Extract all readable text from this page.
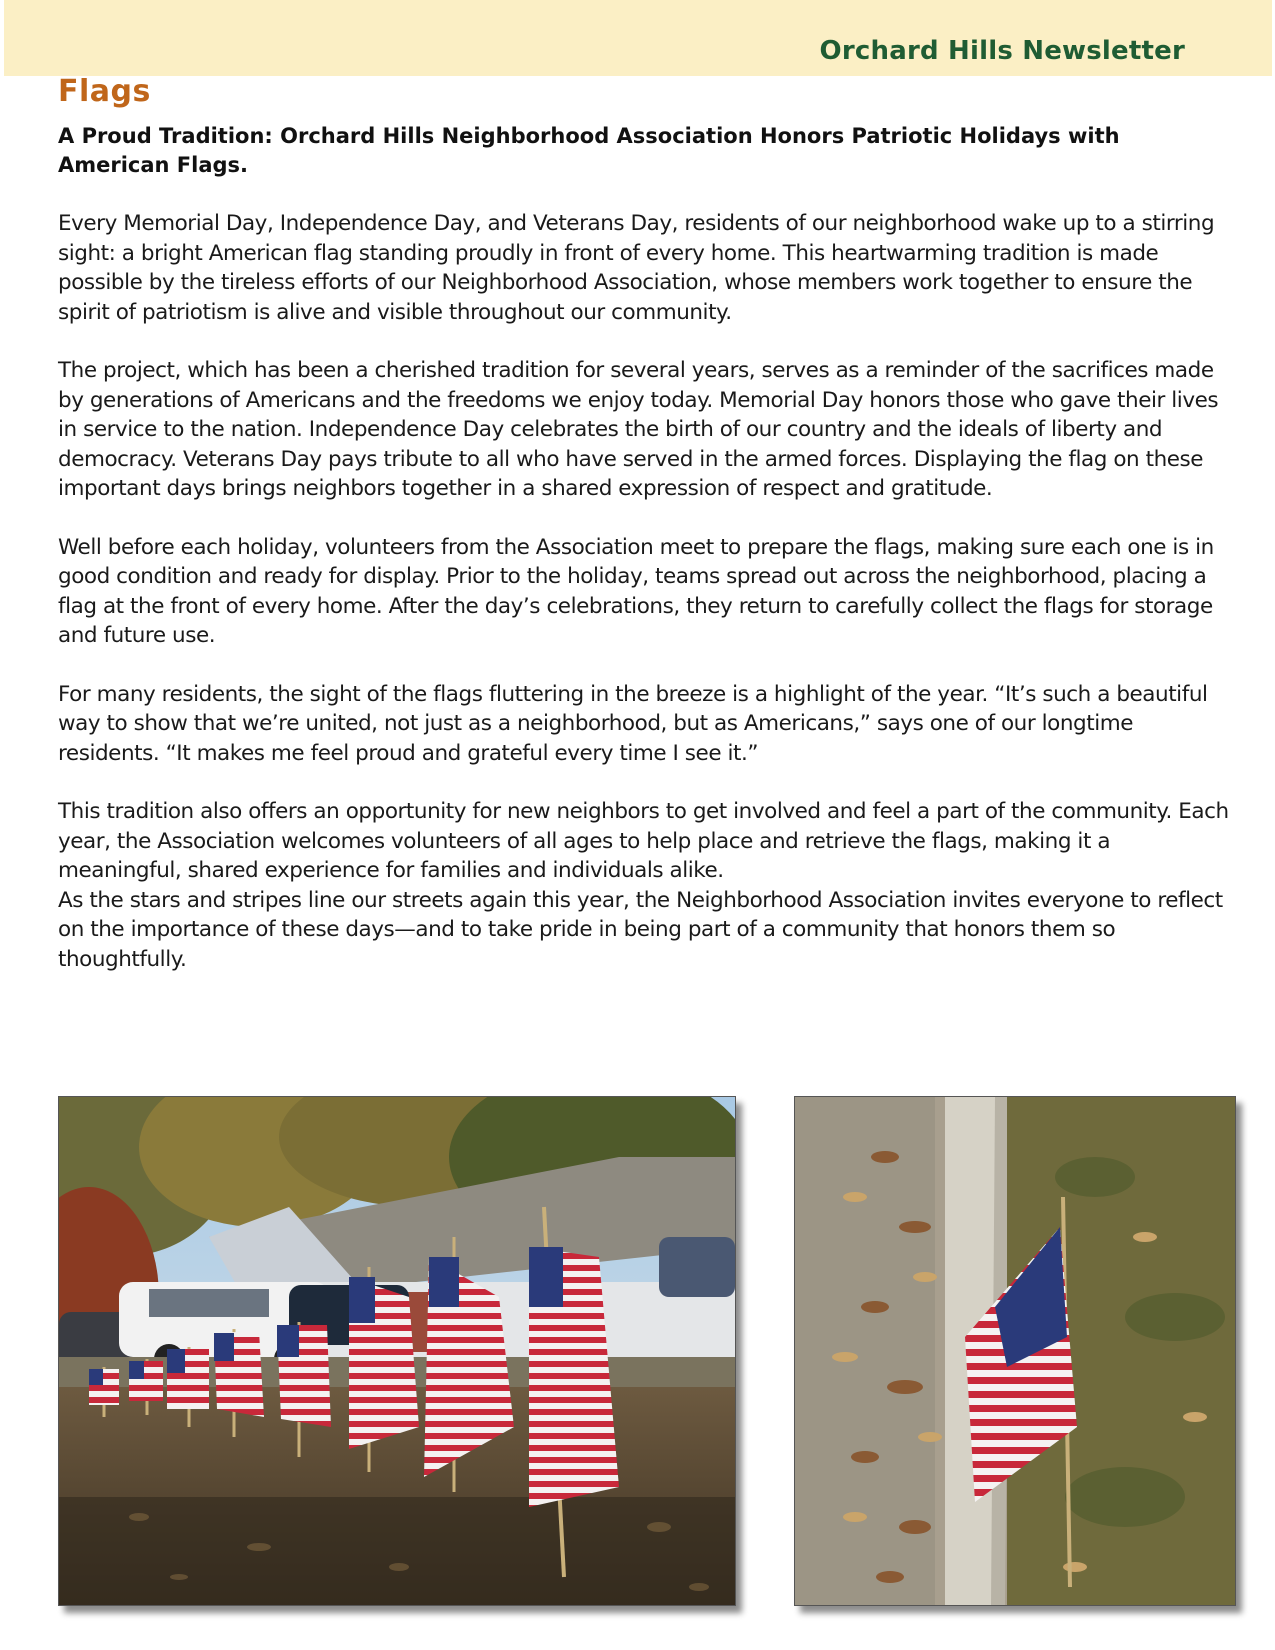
Orchard Hills Newsletter
Flags

A Proud Tradition: Orchard Hills Neighborhood Association Honors Patriotic Holidays with American Flags.

Every Memorial Day, Independence Day, and Veterans Day, residents of our neighborhood wake up to a stirring sight: a bright American flag standing proudly in front of every home. This heartwarming tradition is made possible by the tireless efforts of our Neighborhood Association, whose members work together to ensure the spirit of patriotism is alive and visible throughout our community.

The project, which has been a cherished tradition for several years, serves as a reminder of the sacrifices made by generations of Americans and the freedoms we enjoy today. Memorial Day honors those who gave their lives in service to the nation. Independence Day celebrates the birth of our country and the ideals of liberty and democracy. Veterans Day pays tribute to all who have served in the armed forces. Displaying the flag on these important days brings neighbors together in a shared expression of respect and gratitude.

Well before each holiday, volunteers from the Association meet to prepare the flags, making sure each one is in good condition and ready for display. Prior to the holiday, teams spread out across the neighborhood, placing a flag at the front of every home. After the day’s celebrations, they return to carefully collect the flags for storage and future use.

For many residents, the sight of the flags fluttering in the breeze is a highlight of the year. “It’s such a beautiful way to show that we’re united, not just as a neighborhood, but as Americans,” says one of our longtime residents. “It makes me feel proud and grateful every time I see it.”

This tradition also offers an opportunity for new neighbors to get involved and feel a part of the community. Each year, the Association welcomes volunteers of all ages to help place and retrieve the flags, making it a meaningful, shared experience for families and individuals alike.

As the stars and stripes line our streets again this year, the Neighborhood Association invites everyone to reflect on the importance of these days—and to take pride in being part of a community that honors them so thoughtfully.
